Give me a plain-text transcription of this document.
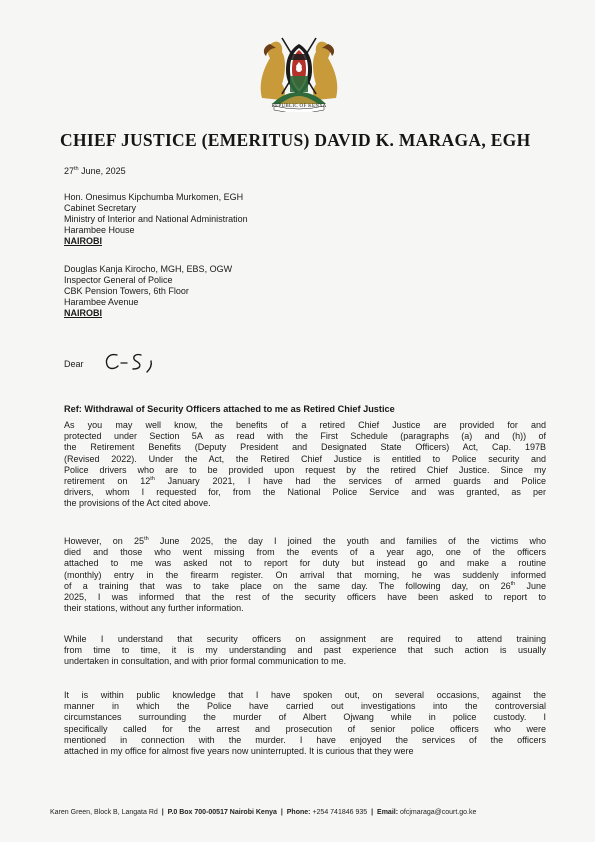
REPUBLIC OF KENYA
CHIEF JUSTICE (EMERITUS) DAVID K. MARAGA, EGH
27th June, 2025
Hon. Onesimus Kipchumba Murkomen, EGH
Cabinet Secretary
Ministry of Interior and National Administration
Harambee House
NAIROBI
Douglas Kanja Kirocho, MGH, EBS, OGW
Inspector General of Police
CBK Pension Towers, 6th Floor
Harambee Avenue
NAIROBI
Dear
Ref: Withdrawal of Security Officers attached to me as Retired Chief Justice
As you may well know, the benefits of a retired Chief Justice are provided for and
protected under Section 5A as read with the First Schedule (paragraphs (a) and (h)) of
the Retirement Benefits (Deputy President and Designated State Officers) Act, Cap. 197B
(Revised 2022). Under the Act, the Retired Chief Justice is entitled to Police security and
Police drivers who are to be provided upon request by the retired Chief Justice. Since my
retirement on 12th January 2021, I have had the services of armed guards and Police
drivers, whom I requested for, from the National Police Service and was granted, as per
the provisions of the Act cited above.
However, on 25th June 2025, the day I joined the youth and families of the victims who
died and those who went missing from the events of a year ago, one of the officers
attached to me was asked not to report for duty but instead go and make a routine
(monthly) entry in the firearm register. On arrival that morning, he was suddenly informed
of a training that was to take place on the same day. The following day, on 26th June
2025, I was informed that the rest of the security officers have been asked to report to
their stations, without any further information.
While I understand that security officers on assignment are required to attend training
from time to time, it is my understanding and past experience that such action is usually
undertaken in consultation, and with prior formal communication to me.
It is within public knowledge that I have spoken out, on several occasions, against the
manner in which the Police have carried out investigations into the controversial
circumstances surrounding the murder of Albert Ojwang while in police custody. I
specifically called for the arrest and prosecution of senior police officers who were
mentioned in connection with the murder. I have enjoyed the services of the officers
attached in my office for almost five years now uninterrupted. It is curious that they were
Karen Green, Block B, Langata Rd | P.0 Box 700-00517 Nairobi Kenya | Phone: +254 741846 935 | Email: ofcjmaraga@court.go.ke
